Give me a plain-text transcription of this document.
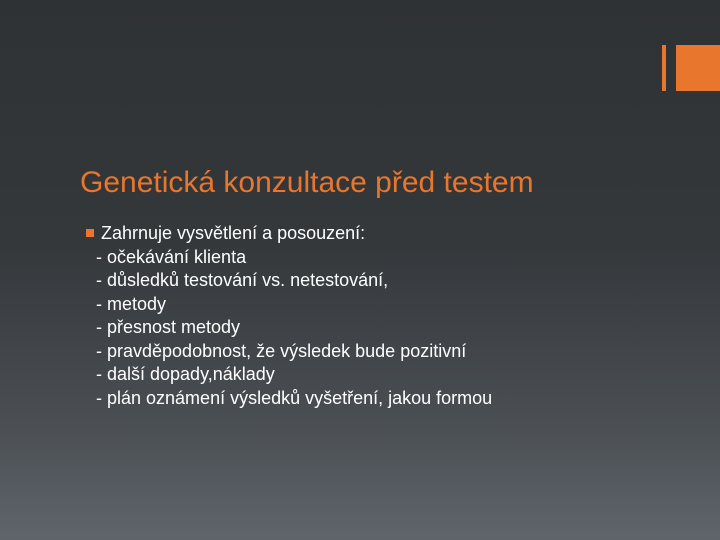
Genetická konzultace před testem
Zahrnuje vysvětlení a posouzení:
- očekávání klienta
- důsledků testování vs. netestování,
- metody
- přesnost metody
- pravděpodobnost, že výsledek bude pozitivní
- další dopady,náklady
- plán oznámení výsledků vyšetření, jakou formou
